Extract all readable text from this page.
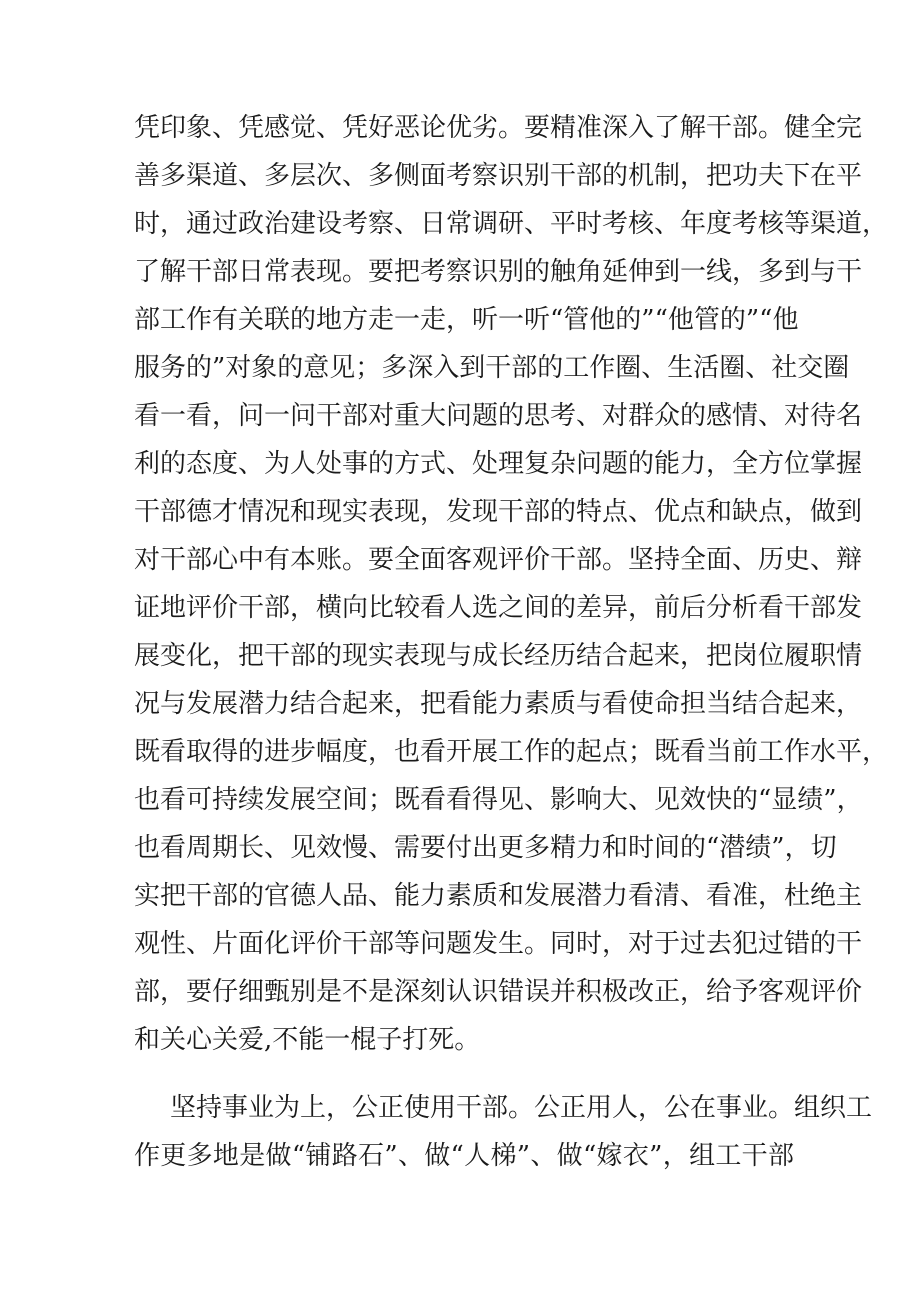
凭印象、凭感觉、凭好恶论优劣。要精准深入了解干部。健全完
善多渠道、多层次、多侧面考察识别干部的机制，把功夫下在平
时，通过政治建设考察、日常调研、平时考核、年度考核等渠道，
了解干部日常表现。要把考察识别的触角延伸到一线，多到与干
部工作有关联的地方走一走，听一听“管他的”“他管的”“他
服务的”对象的意见；多深入到干部的工作圈、生活圈、社交圈
看一看，问一问干部对重大问题的思考、对群众的感情、对待名
利的态度、为人处事的方式、处理复杂问题的能力，全方位掌握
干部德才情况和现实表现，发现干部的特点、优点和缺点，做到
对干部心中有本账。要全面客观评价干部。坚持全面、历史、辩
证地评价干部，横向比较看人选之间的差异，前后分析看干部发
展变化，把干部的现实表现与成长经历结合起来，把岗位履职情
况与发展潜力结合起来，把看能力素质与看使命担当结合起来，
既看取得的进步幅度，也看开展工作的起点；既看当前工作水平，
也看可持续发展空间；既看看得见、影响大、见效快的“显绩”，
也看周期长、见效慢、需要付出更多精力和时间的“潜绩”，切
实把干部的官德人品、能力素质和发展潜力看清、看准，杜绝主
观性、片面化评价干部等问题发生。同时，对于过去犯过错的干
部，要仔细甄别是不是深刻认识错误并积极改正，给予客观评价
和关心关爱,不能一棍子打死。
坚持事业为上，公正使用干部。公正用人，公在事业。组织工
作更多地是做“铺路石”、做“人梯”、做“嫁衣”，组工干部
